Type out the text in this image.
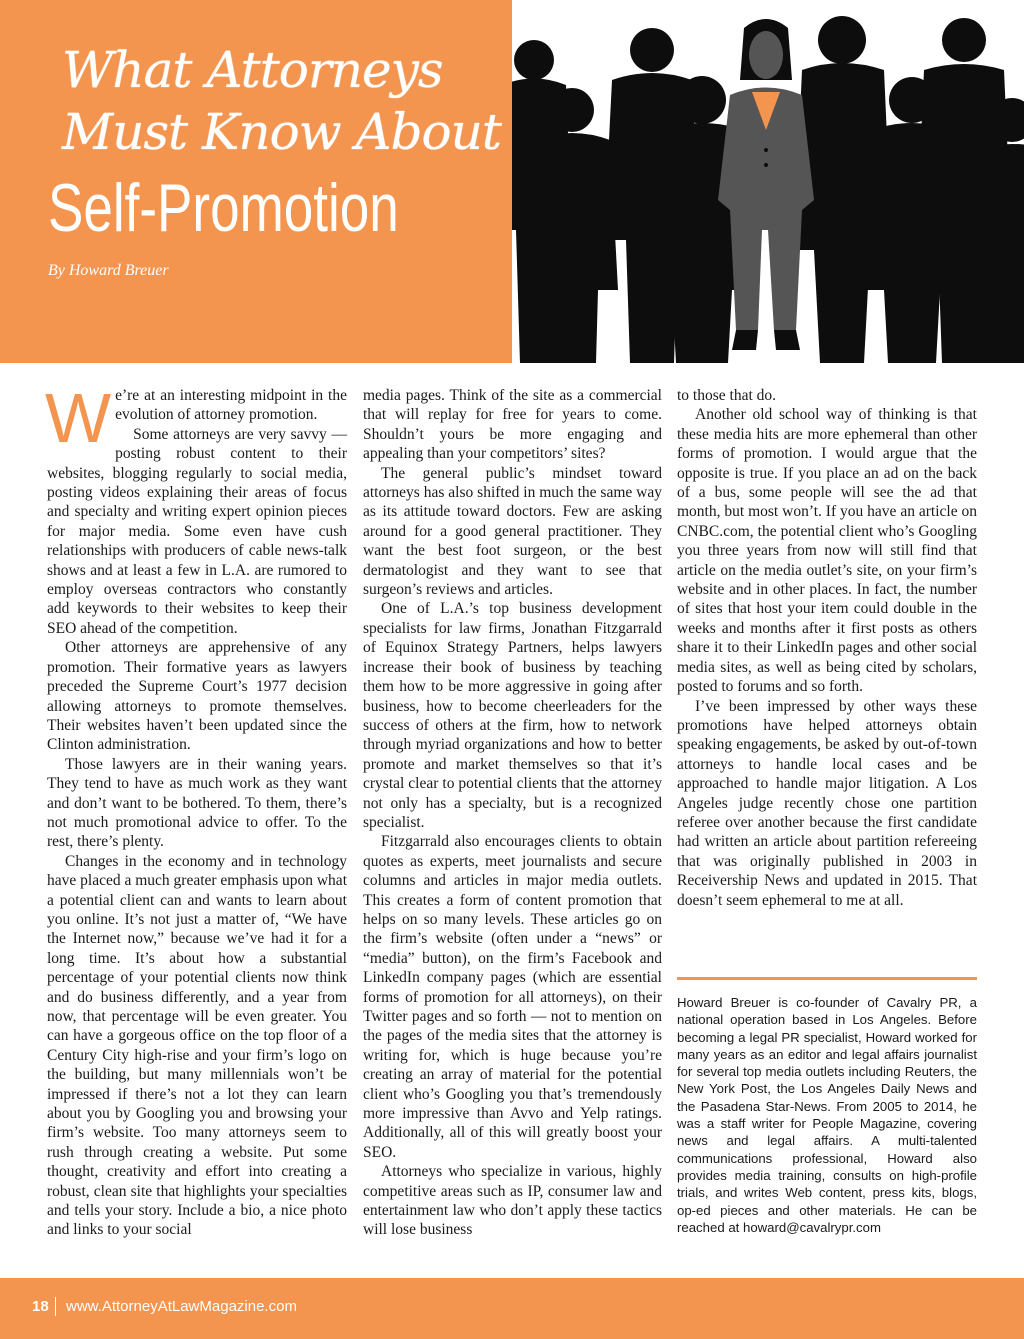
What Attorneys
Must Know About
Self-Promotion
By Howard Breuer
W e’re at an interesting midpoint in the evolution of attorney promotion.

Some attorneys are very savvy — posting robust content to their websites, blogging regularly to social media, posting videos explaining their areas of focus and specialty and writing expert opinion pieces for major media. Some even have cush relationships with producers of cable news-talk shows and at least a few in L.A. are rumored to employ overseas contractors who constantly add keywords to their websites to keep their SEO ahead of the competition.

Other attorneys are apprehensive of any promotion. Their formative years as lawyers preceded the Supreme Court’s 1977 decision allowing attorneys to promote themselves. Their websites haven’t been updated since the Clinton administration.

Those lawyers are in their waning years. They tend to have as much work as they want and don’t want to be bothered. To them, there’s not much promotional advice to offer. To the rest, there’s plenty.

Changes in the economy and in technology have placed a much greater emphasis upon what a potential client can and wants to learn about you online. It’s not just a matter of, “We have the Internet now,” because we’ve had it for a long time. It’s about how a substantial percentage of your potential clients now think and do business differently, and a year from now, that percentage will be even greater. You can have a gorgeous office on the top floor of a Century City high-rise and your firm’s logo on the building, but many millennials won’t be impressed if there’s not a lot they can learn about you by Googling you and browsing your firm’s website. Too many attorneys seem to rush through creating a website. Put some thought, creativity and effort into creating a robust, clean site that highlights your specialties and tells your story. Include a bio, a nice photo and links to your social

media pages. Think of the site as a commercial that will replay for free for years to come. Shouldn’t yours be more engaging and appealing than your competitors’ sites?

The general public’s mindset toward attorneys has also shifted in much the same way as its attitude toward doctors. Few are asking around for a good general practitioner. They want the best foot surgeon, or the best dermatologist and they want to see that surgeon’s reviews and articles.

One of L.A.’s top business development specialists for law firms, Jonathan Fitzgarrald of Equinox Strategy Partners, helps lawyers increase their book of business by teaching them how to be more aggressive in going after business, how to become cheerleaders for the success of others at the firm, how to network through myriad organizations and how to better promote and market themselves so that it’s crystal clear to potential clients that the attorney not only has a specialty, but is a recognized specialist.

Fitzgarrald also encourages clients to obtain quotes as experts, meet journalists and secure columns and articles in major media outlets. This creates a form of content promotion that helps on so many levels. These articles go on the firm’s website (often under a “news” or “media” button), on the firm’s Facebook and LinkedIn company pages (which are essential forms of promotion for all attorneys), on their Twitter pages and so forth — not to mention on the pages of the media sites that the attorney is writing for, which is huge because you’re creating an array of material for the potential client who’s Googling you that’s tremendously more impressive than Avvo and Yelp ratings. Additionally, all of this will greatly boost your SEO.

Attorneys who specialize in various, highly competitive areas such as IP, consumer law and entertainment law who don’t apply these tactics will lose business

to those that do.

Another old school way of thinking is that these media hits are more ephemeral than other forms of promotion. I would argue that the opposite is true. If you place an ad on the back of a bus, some people will see the ad that month, but most won’t. If you have an article on CNBC.com, the potential client who’s Googling you three years from now will still find that article on the media outlet’s site, on your firm’s website and in other places. In fact, the number of sites that host your item could double in the weeks and months after it first posts as others share it to their LinkedIn pages and other social media sites, as well as being cited by scholars, posted to forums and so forth.

I’ve been impressed by other ways these promotions have helped attorneys obtain speaking engagements, be asked by out-of-town attorneys to handle local cases and be approached to handle major litigation. A Los Angeles judge recently chose one partition referee over another because the first candidate had written an article about partition refereeing that was originally published in 2003 in Receivership News and updated in 2015. That doesn’t seem ephemeral to me at all.

Howard Breuer is co-founder of Cavalry PR, a national operation based in Los Angeles. Before becoming a legal PR specialist, Howard worked for many years as an editor and legal affairs journalist for several top media outlets including Reuters, the New York Post, the Los Angeles Daily News and the Pasadena Star-News. From 2005 to 2014, he was a staff writer for People Magazine, covering news and legal affairs. A multi-talented communications professional, Howard also provides media training, consults on high-profile trials, and writes Web content, press kits, blogs, op-ed pieces and other materials. He can be reached at howard@cavalrypr.com
18 www.AttorneyAtLawMagazine.com
